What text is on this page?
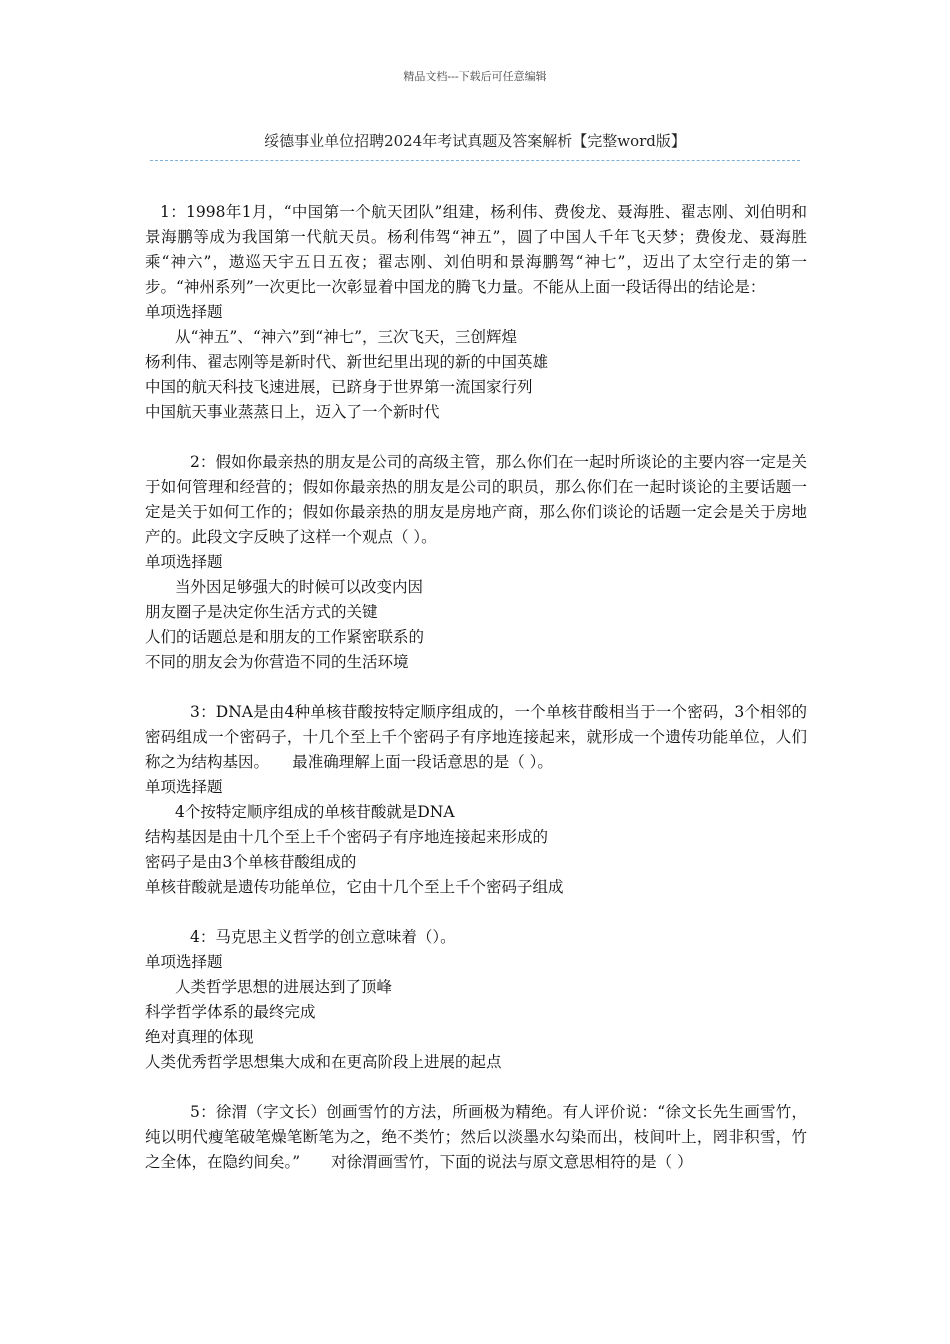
精品文档---下载后可任意编辑
绥德事业单位招聘2024年考试真题及答案解析【完整word版】

1：1998年1月，“中国第一个航天团队”组建，杨利伟、费俊龙、聂海胜、翟志刚、刘伯明和景海鹏等成为我国第一代航天员。杨利伟驾“神五”，圆了中国人千年飞天梦；费俊龙、聂海胜乘“神六”，遨巡天宇五日五夜；翟志刚、刘伯明和景海鹏驾“神七”，迈出了太空行走的第一步。“神州系列”一次更比一次彰显着中国龙的腾飞力量。不能从上面一段话得出的结论是：

单项选择题

从“神五”、“神六”到“神七”，三次飞天，三创辉煌

杨利伟、翟志刚等是新时代、新世纪里出现的新的中国英雄

中国的航天科技飞速进展，已跻身于世界第一流国家行列

中国航天事业蒸蒸日上，迈入了一个新时代

2：假如你最亲热的朋友是公司的高级主管，那么你们在一起时所谈论的主要内容一定是关于如何管理和经营的；假如你最亲热的朋友是公司的职员，那么你们在一起时谈论的主要话题一定是关于如何工作的；假如你最亲热的朋友是房地产商，那么你们谈论的话题一定会是关于房地产的。此段文字反映了这样一个观点（ ）。

单项选择题

当外因足够强大的时候可以改变内因

朋友圈子是决定你生活方式的关键

人们的话题总是和朋友的工作紧密联系的

不同的朋友会为你营造不同的生活环境

3：DNA是由4种单核苷酸按特定顺序组成的，一个单核苷酸相当于一个密码，3个相邻的密码组成一个密码子，十几个至上千个密码子有序地连接起来，就形成一个遗传功能单位，人们称之为结构基因。　　最准确理解上面一段话意思的是（ ）。

单项选择题

4个按特定顺序组成的单核苷酸就是DNA

结构基因是由十几个至上千个密码子有序地连接起来形成的

密码子是由3个单核苷酸组成的

单核苷酸就是遗传功能单位，它由十几个至上千个密码子组成

4：马克思主义哲学的创立意味着（）。

单项选择题

人类哲学思想的进展达到了顶峰

科学哲学体系的最终完成

绝对真理的体现

人类优秀哲学思想集大成和在更高阶段上进展的起点

5：徐渭（字文长）创画雪竹的方法，所画极为精绝。有人评价说：“徐文长先生画雪竹，纯以明代瘦笔破笔燥笔断笔为之，绝不类竹；然后以淡墨水勾染而出，枝间叶上，罔非积雪，竹之全体，在隐约间矣。”　　对徐渭画雪竹，下面的说法与原文意思相符的是（ ）
